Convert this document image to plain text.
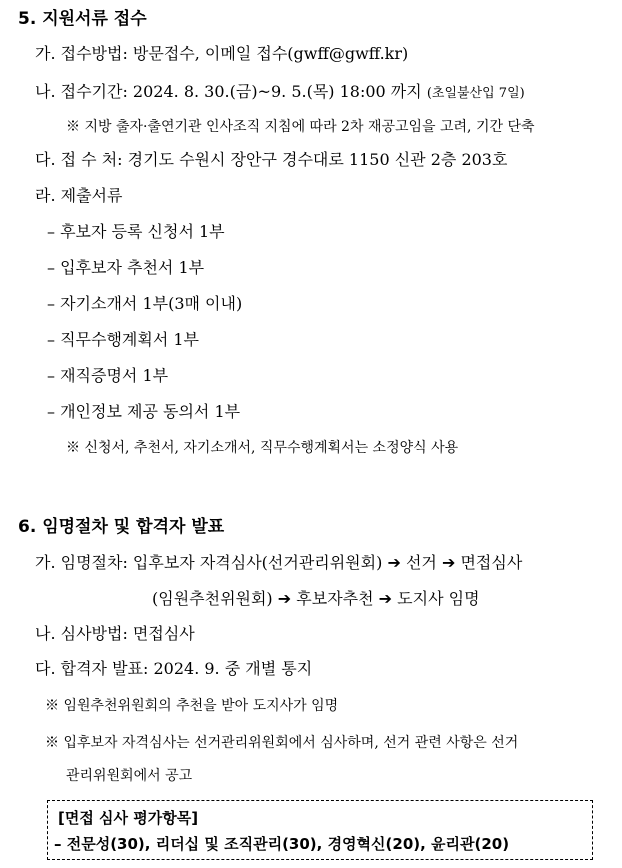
5. 지원서류 접수
가. 접수방법: 방문접수, 이메일 접수(gwff@gwff.kr)
나. 접수기간: 2024. 8. 30.(금)~9. 5.(목) 18:00 까지 (초일불산입 7일)
※ 지방 출자·출연기관 인사조직 지침에 따라 2차 재공고임을 고려, 기간 단축
다. 접 수 처: 경기도 수원시 장안구 경수대로 1150 신관 2층 203호
라. 제출서류
– 후보자 등록 신청서 1부
– 입후보자 추천서 1부
– 자기소개서 1부(3매 이내)
– 직무수행계획서 1부
– 재직증명서 1부
– 개인정보 제공 동의서 1부
※ 신청서, 추천서, 자기소개서, 직무수행계획서는 소정양식 사용
6. 임명절차 및 합격자 발표
가. 임명절차: 입후보자 자격심사(선거관리위원회) ➔ 선거 ➔ 면접심사
(임원추천위원회) ➔ 후보자추천 ➔ 도지사 임명
나. 심사방법: 면접심사
다. 합격자 발표: 2024. 9. 중 개별 통지
※ 임원추천위원회의 추천을 받아 도지사가 임명
※ 입후보자 자격심사는 선거관리위원회에서 심사하며, 선거 관련 사항은 선거
관리위원회에서 공고
[면접 심사 평가항목]
– 전문성(30), 리더십 및 조직관리(30), 경영혁신(20), 윤리관(20)
